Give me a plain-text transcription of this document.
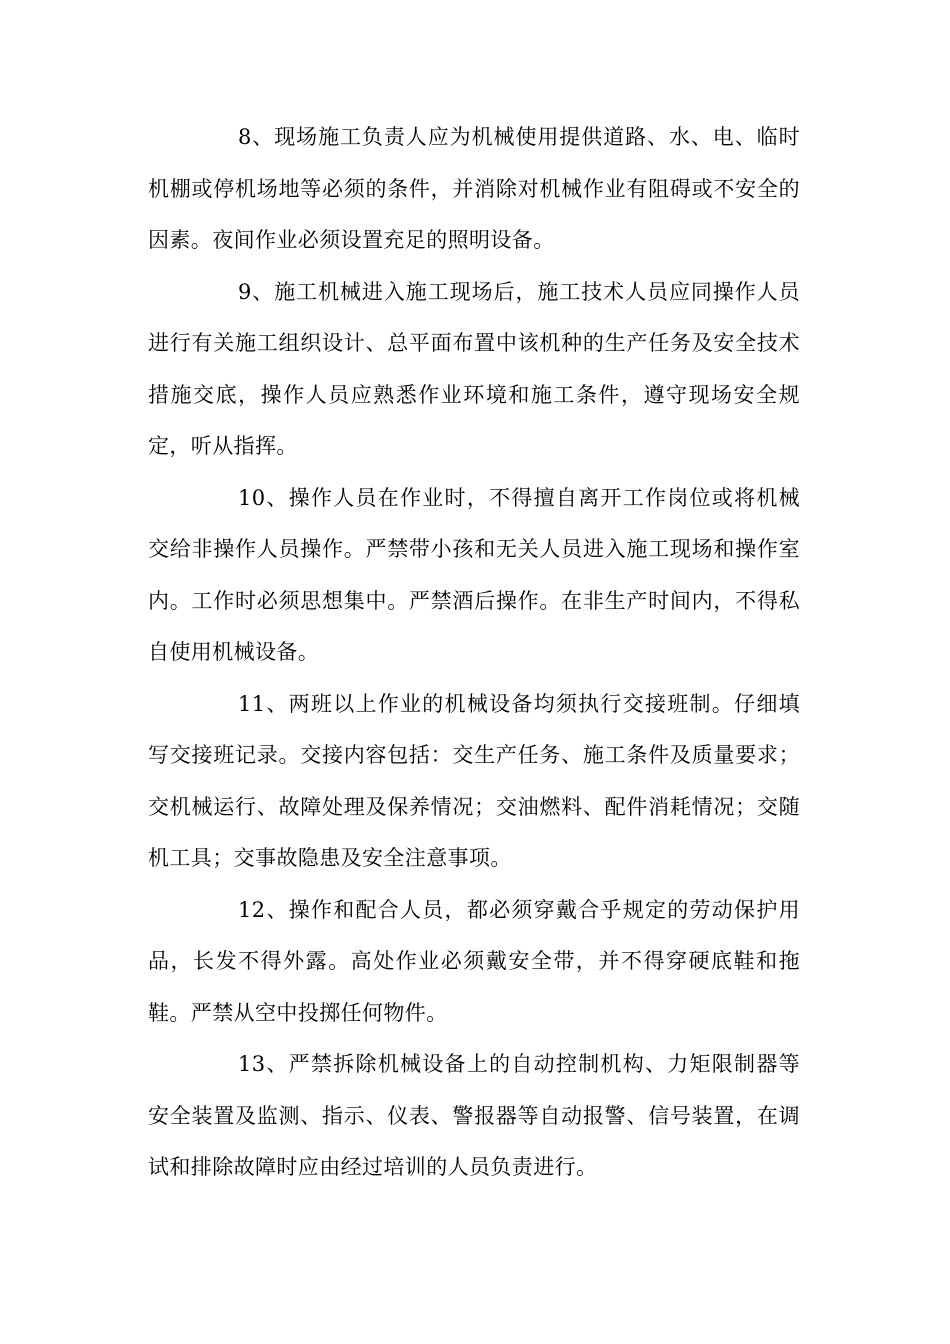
8、现场施工负责人应为机械使用提供道路、水、电、临时机棚或停机场地等必须的条件，并消除对机械作业有阻碍或不安全的因素。夜间作业必须设置充足的照明设备。

9、施工机械进入施工现场后，施工技术人员应同操作人员进行有关施工组织设计、总平面布置中该机种的生产任务及安全技术措施交底，操作人员应熟悉作业环境和施工条件，遵守现场安全规定，听从指挥。

10、操作人员在作业时，不得擅自离开工作岗位或将机械交给非操作人员操作。严禁带小孩和无关人员进入施工现场和操作室内。工作时必须思想集中。严禁酒后操作。在非生产时间内，不得私自使用机械设备。

11、两班以上作业的机械设备均须执行交接班制。仔细填写交接班记录。交接内容包括：交生产任务、施工条件及质量要求；交机械运行、故障处理及保养情况；交油燃料、配件消耗情况；交随机工具；交事故隐患及安全注意事项。

12、操作和配合人员，都必须穿戴合乎规定的劳动保护用品，长发不得外露。高处作业必须戴安全带，并不得穿硬底鞋和拖鞋。严禁从空中投掷任何物件。

13、严禁拆除机械设备上的自动控制机构、力矩限制器等安全装置及监测、指示、仪表、警报器等自动报警、信号装置，在调试和排除故障时应由经过培训的人员负责进行。
